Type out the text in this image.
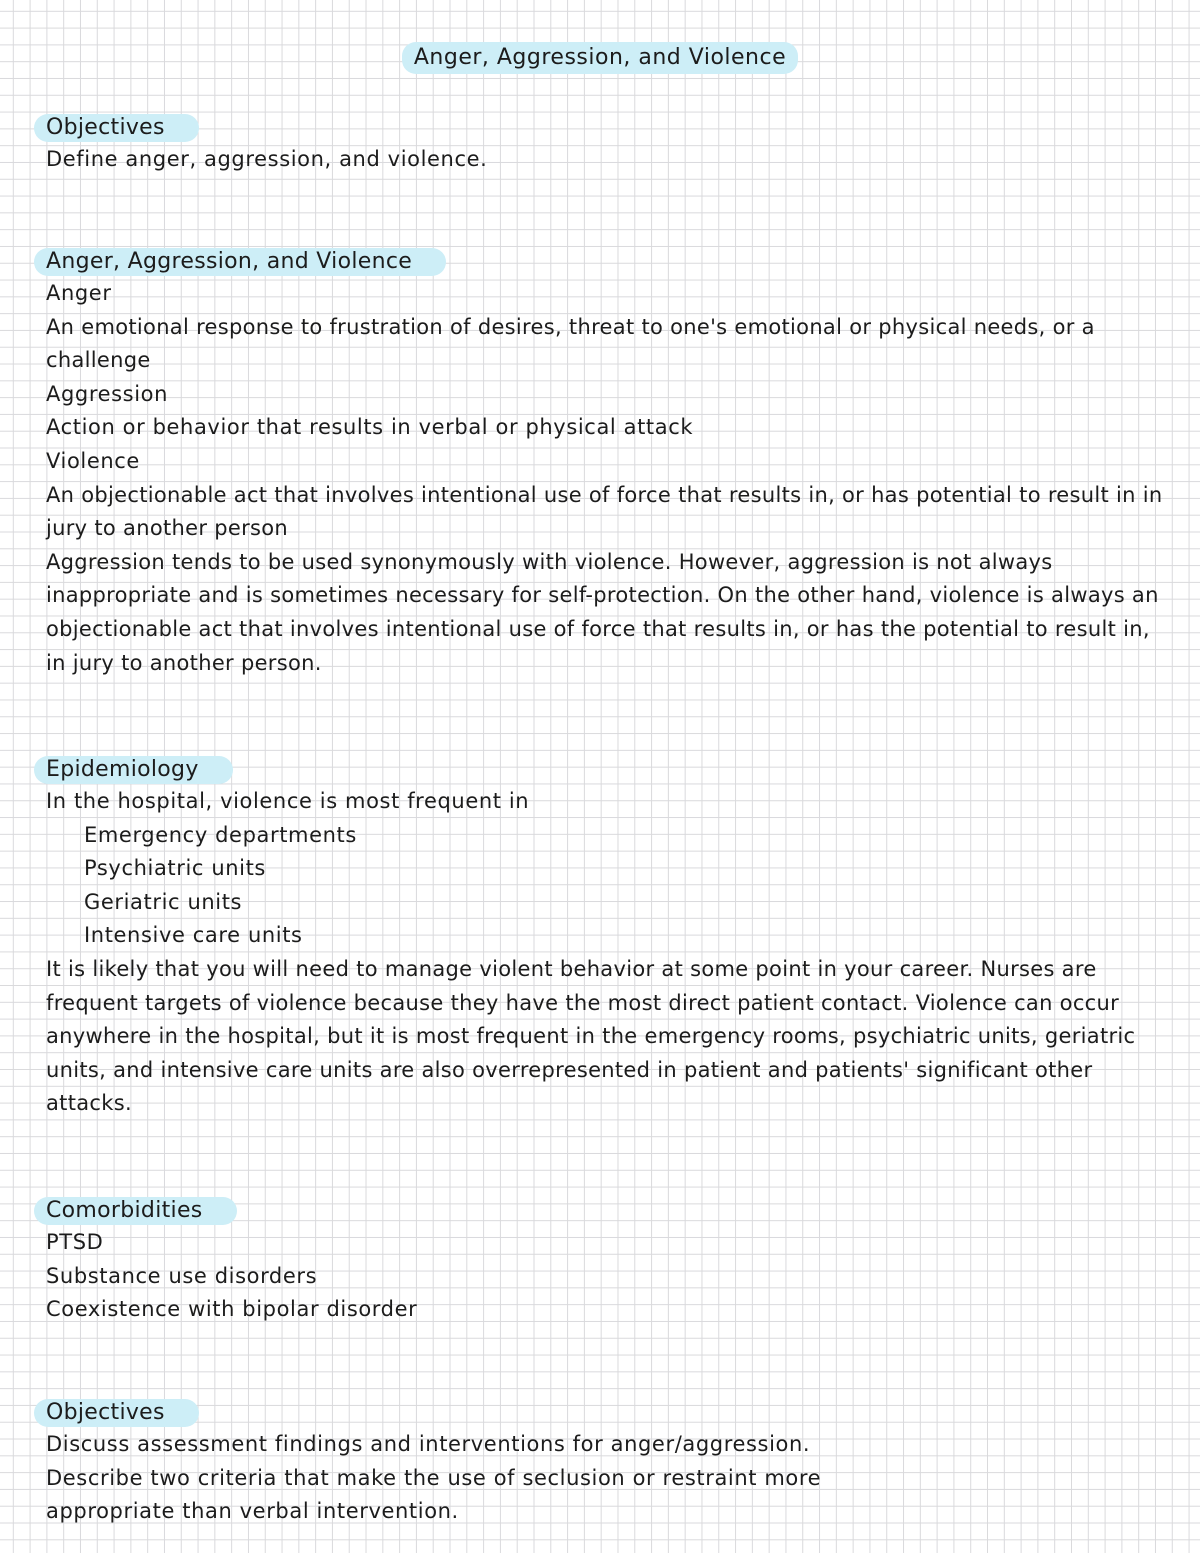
Anger, Aggression, and Violence
Objectives

Define anger, aggression, and violence.

Anger, Aggression, and Violence

Anger

An emotional response to frustration of desires, threat to one's emotional or physical needs, or a challenge

Aggression

Action or behavior that results in verbal or physical attack

Violence

An objectionable act that involves intentional use of force that results in, or has potential to result in in jury to another person

Aggression tends to be used synonymously with violence. However, aggression is not always inappropriate and is sometimes necessary for self-protection. On the other hand, violence is always an objectionable act that involves intentional use of force that results in, or has the potential to result in, in jury to another person.

Epidemiology

In the hospital, violence is most frequent in

Emergency departments

Psychiatric units

Geriatric units

Intensive care units

It is likely that you will need to manage violent behavior at some point in your career. Nurses are frequent targets of violence because they have the most direct patient contact. Violence can occur anywhere in the hospital, but it is most frequent in the emergency rooms, psychiatric units, geriatric units, and intensive care units are also overrepresented in patient and patients' significant other attacks.

Comorbidities

PTSD

Substance use disorders

Coexistence with bipolar disorder

Objectives

Discuss assessment findings and interventions for anger/aggression.

Describe two criteria that make the use of seclusion or restraint more

appropriate than verbal intervention.
